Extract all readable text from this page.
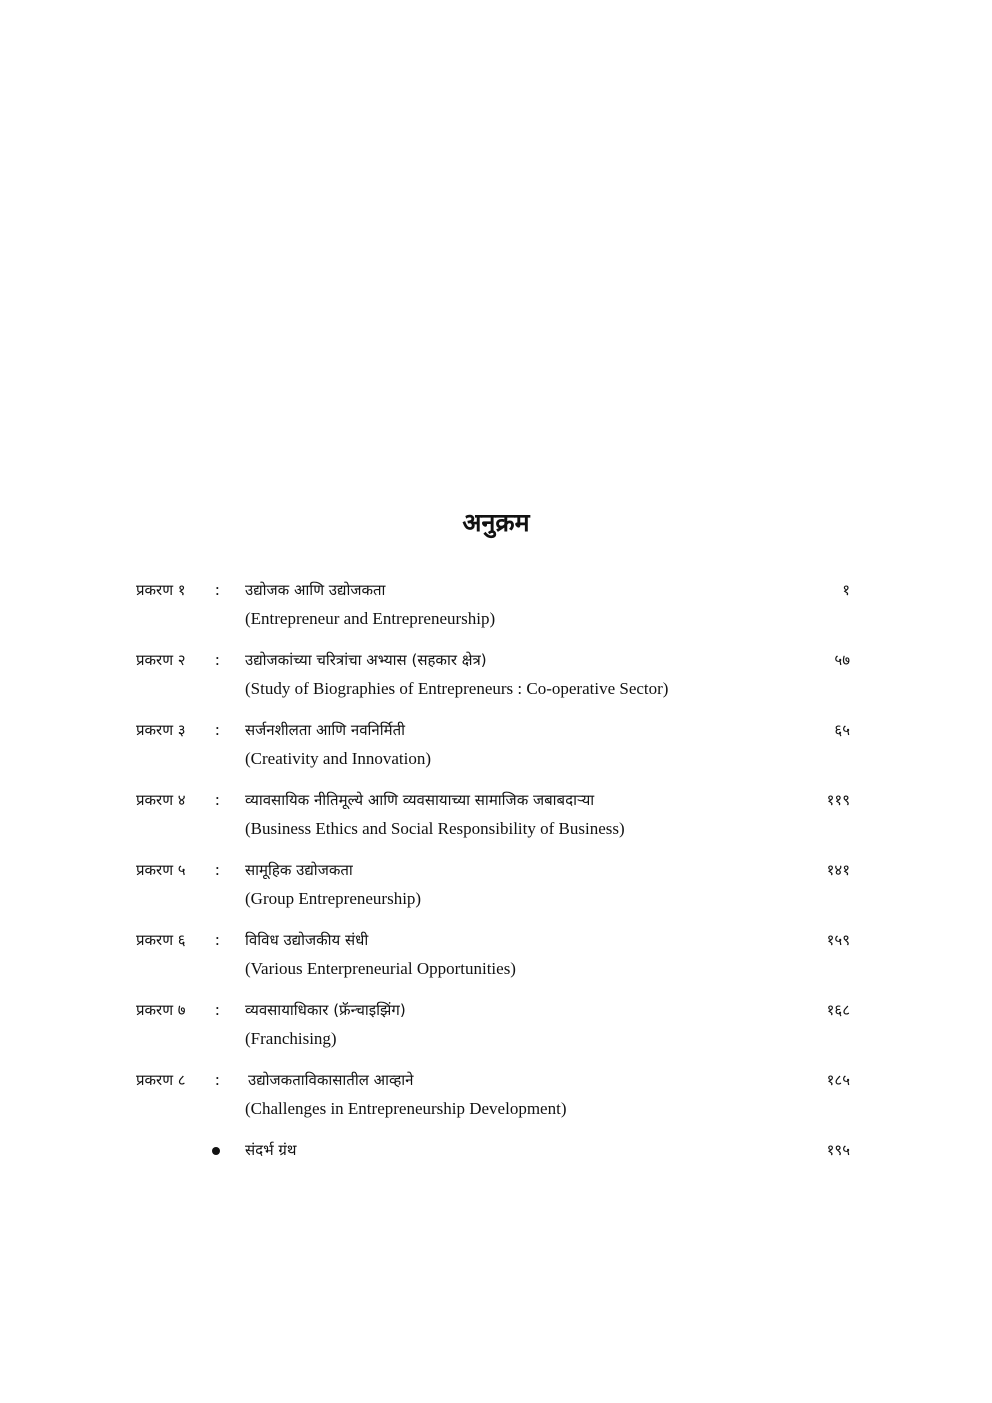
अनुक्रम
प्रकरण १ : उद्योजक आणि उद्योजकता
(Entrepreneur and Entrepreneurship)
१
प्रकरण २ : उद्योजकांच्या चरित्रांचा अभ्यास (सहकार क्षेत्र)
(Study of Biographies of Entrepreneurs : Co-operative Sector)
५७
प्रकरण ३ : सर्जनशीलता आणि नवनिर्मिती
(Creativity and Innovation)
६५
प्रकरण ४ : व्यावसायिक नीतिमूल्ये आणि व्यवसायाच्या सामाजिक जबाबदाऱ्या
(Business Ethics and Social Responsibility of Business)
११९
प्रकरण ५ : सामूहिक उद्योजकता
(Group Entrepreneurship)
१४१
प्रकरण ६ : विविध उद्योजकीय संधी
(Various Enterpreneurial Opportunities)
१५९
प्रकरण ७ : व्यवसायाधिकार (फ्रॅन्चाइझिंग)
(Franchising)
१६८
प्रकरण ८ : उद्योजकताविकासातील आव्हाने
(Challenges in Entrepreneurship Development)
१८५
संदर्भ ग्रंथ	१९५
